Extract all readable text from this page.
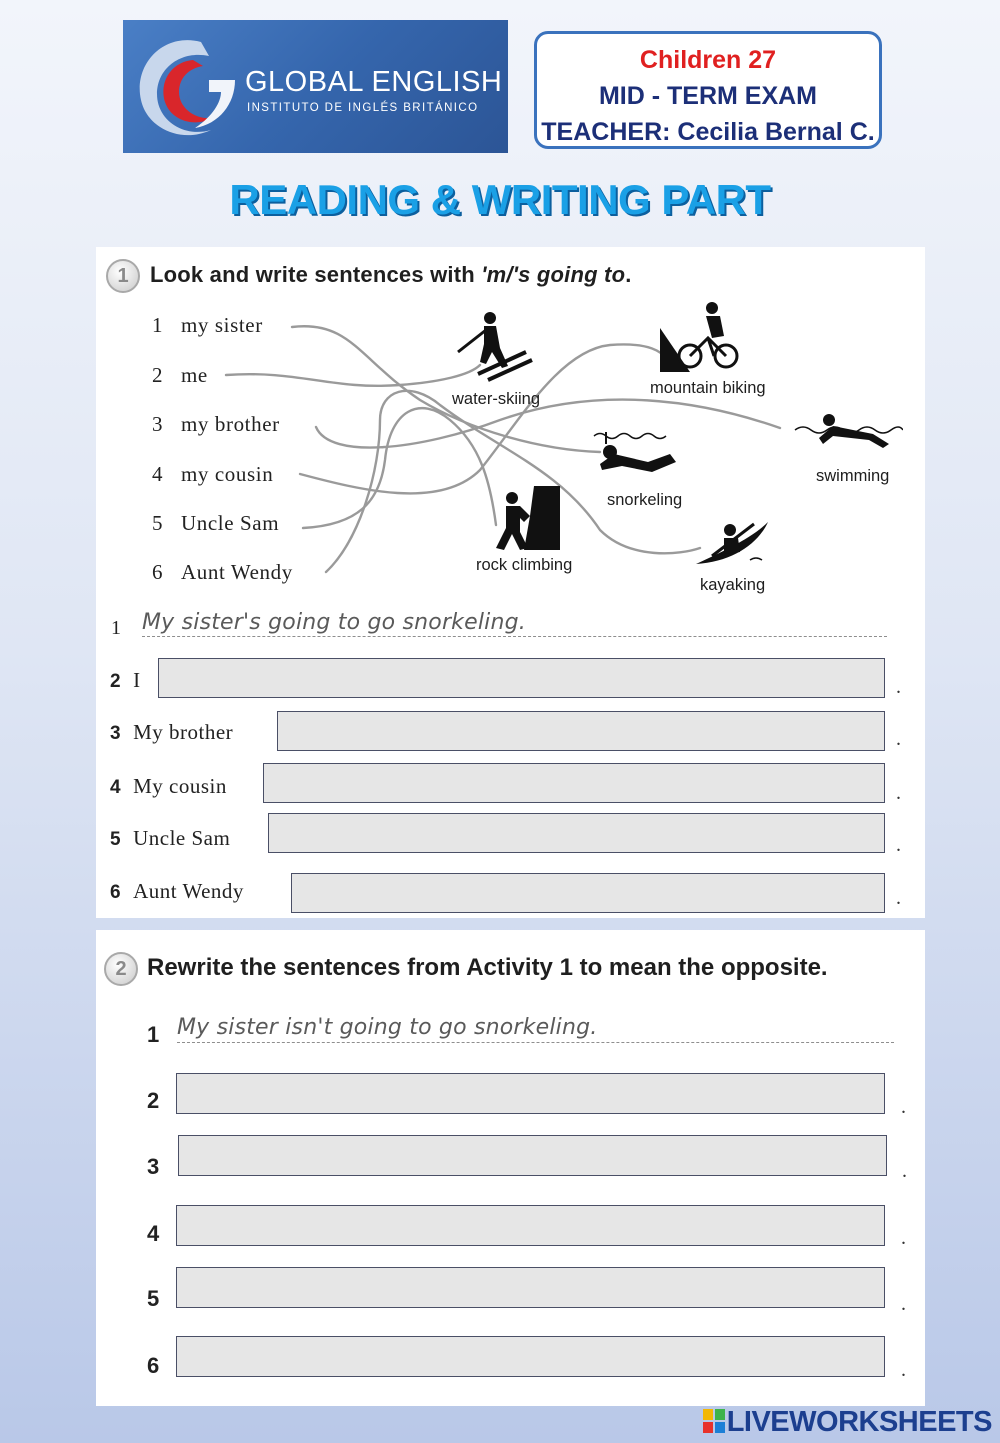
GLOBAL ENGLISH
INSTITUTO DE INGLÉS BRITÁNICO
Children 27
MID - TERM EXAM
TEACHER: Cecilia Bernal C.
READING & WRITING PART
1 Look and write sentences with 'm/'s going to.
1 my sister
2 me
3 my brother
4 my cousin
5 Uncle Sam
6 Aunt Wendy
water-skiing
mountain biking
swimming
snorkeling
rock climbing
kayaking
1 My sister's going to go snorkeling.
2 I	.
3 My brother	.
4 My cousin	.
5 Uncle Sam	.
6 Aunt Wendy	.
2 Rewrite the sentences from Activity 1 to mean the opposite.
1 My sister isn't going to go snorkeling.
2	.
3	.
4	.
5	.
6	.
LIVEWORKSHEETS
